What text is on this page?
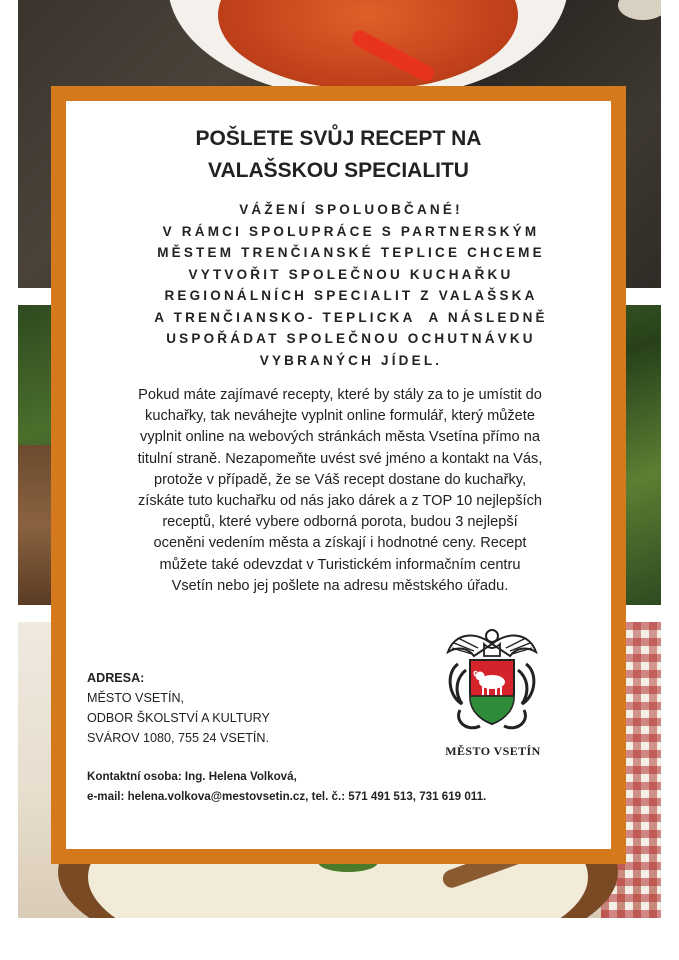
POŠLETE SVŮJ RECEPT NA
VALAŠSKOU SPECIALITU
VÁŽENÍ SPOLUOBČANÉ!
V RÁMCI SPOLUPRÁCE S PARTNERSKÝM
MĚSTEM TRENČIANSKÉ TEPLICE CHCEME
VYTVOŘIT SPOLEČNOU KUCHAŘKU
REGIONÁLNÍCH SPECIALIT Z VALAŠSKA
A TRENČIANSKO- TEPLICKA  A NÁSLEDNĚ
USPOŘÁDAT SPOLEČNOU OCHUTNÁVKU
VYBRANÝCH JÍDEL.
Pokud máte zajímavé recepty, které by stály za to je umístit do
kuchařky, tak neváhejte vyplnit online formulář, který můžete
vyplnit online na webových stránkách města Vsetína přímo na
titulní straně. Nezapomeňte uvést své jméno a kontakt na Vás,
protože v případě, že se Váš recept dostane do kuchařky,
získáte tuto kuchařku od nás jako dárek a z TOP 10 nejlepších
receptů, které vybere odborná porota, budou 3 nejlepší
oceněni vedením města a získají i hodnotné ceny. Recept
můžete také odevzdat v Turistickém informačním centru
Vsetín nebo jej pošlete na adresu městského úřadu.
ADRESA:
MĚSTO VSETÍN,
ODBOR ŠKOLSTVÍ A KULTURY
SVÁROV 1080, 755 24 VSETÍN.
Kontaktní osoba: Ing. Helena Volková,
e-mail: helena.volkova@mestovsetin.cz, tel. č.: 571 491 513, 731 619 011.
MĚSTO VSETÍN
